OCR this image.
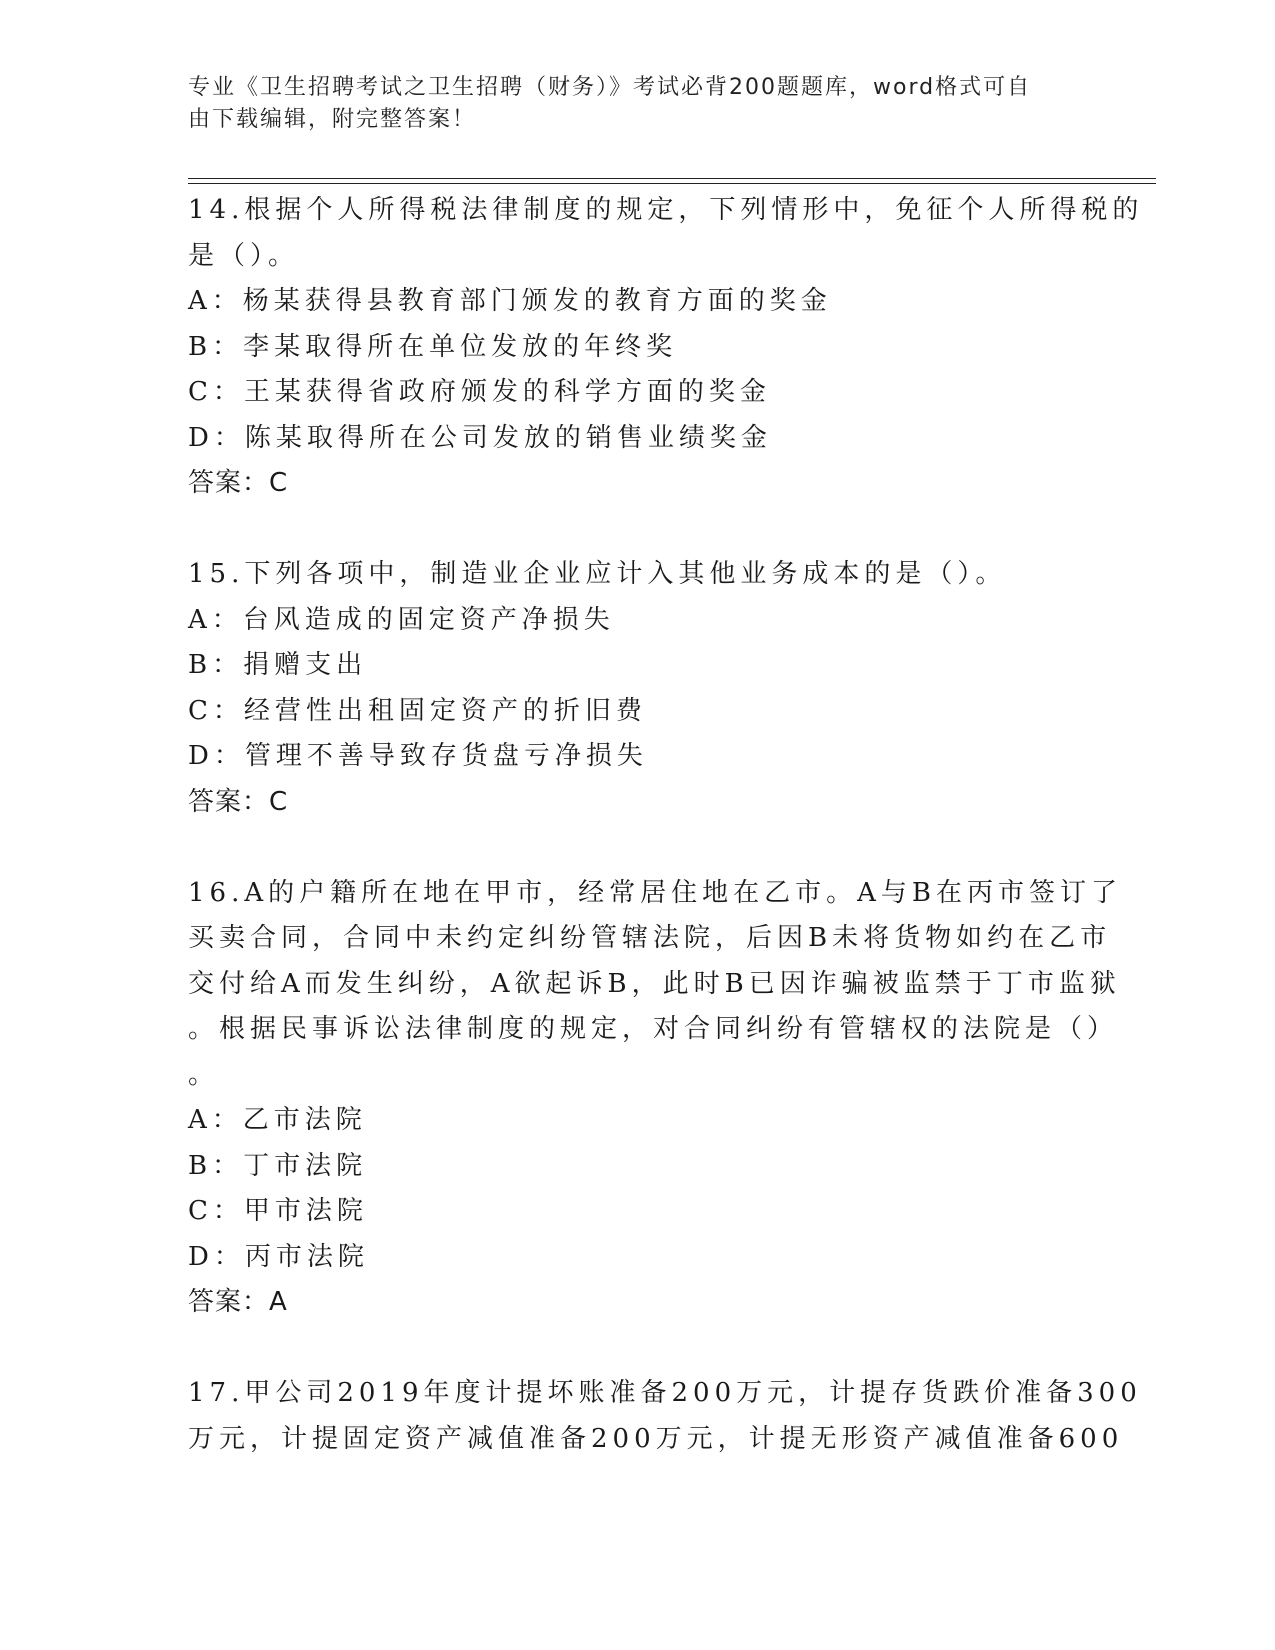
专业《卫生招聘考试之卫生招聘（财务）》考试必背200题题库，word格式可自
由下载编辑，附完整答案！

14.根据个人所得税法律制度的规定，下列情形中，免征个人所得税的

是（）。

A：杨某获得县教育部门颁发的教育方面的奖金

B：李某取得所在单位发放的年终奖

C：王某获得省政府颁发的科学方面的奖金

D：陈某取得所在公司发放的销售业绩奖金

答案：C

15.下列各项中，制造业企业应计入其他业务成本的是（）。

A：台风造成的固定资产净损失

B：捐赠支出

C：经营性出租固定资产的折旧费

D：管理不善导致存货盘亏净损失

答案：C

16.A的户籍所在地在甲市，经常居住地在乙市。A与B在丙市签订了

买卖合同，合同中未约定纠纷管辖法院，后因B未将货物如约在乙市

交付给A而发生纠纷，A欲起诉B，此时B已因诈骗被监禁于丁市监狱

。根据民事诉讼法律制度的规定，对合同纠纷有管辖权的法院是（）

。

A：乙市法院

B：丁市法院

C：甲市法院

D：丙市法院

答案：A

17.甲公司2019年度计提坏账准备200万元，计提存货跌价准备300

万元，计提固定资产减值准备200万元，计提无形资产减值准备600
